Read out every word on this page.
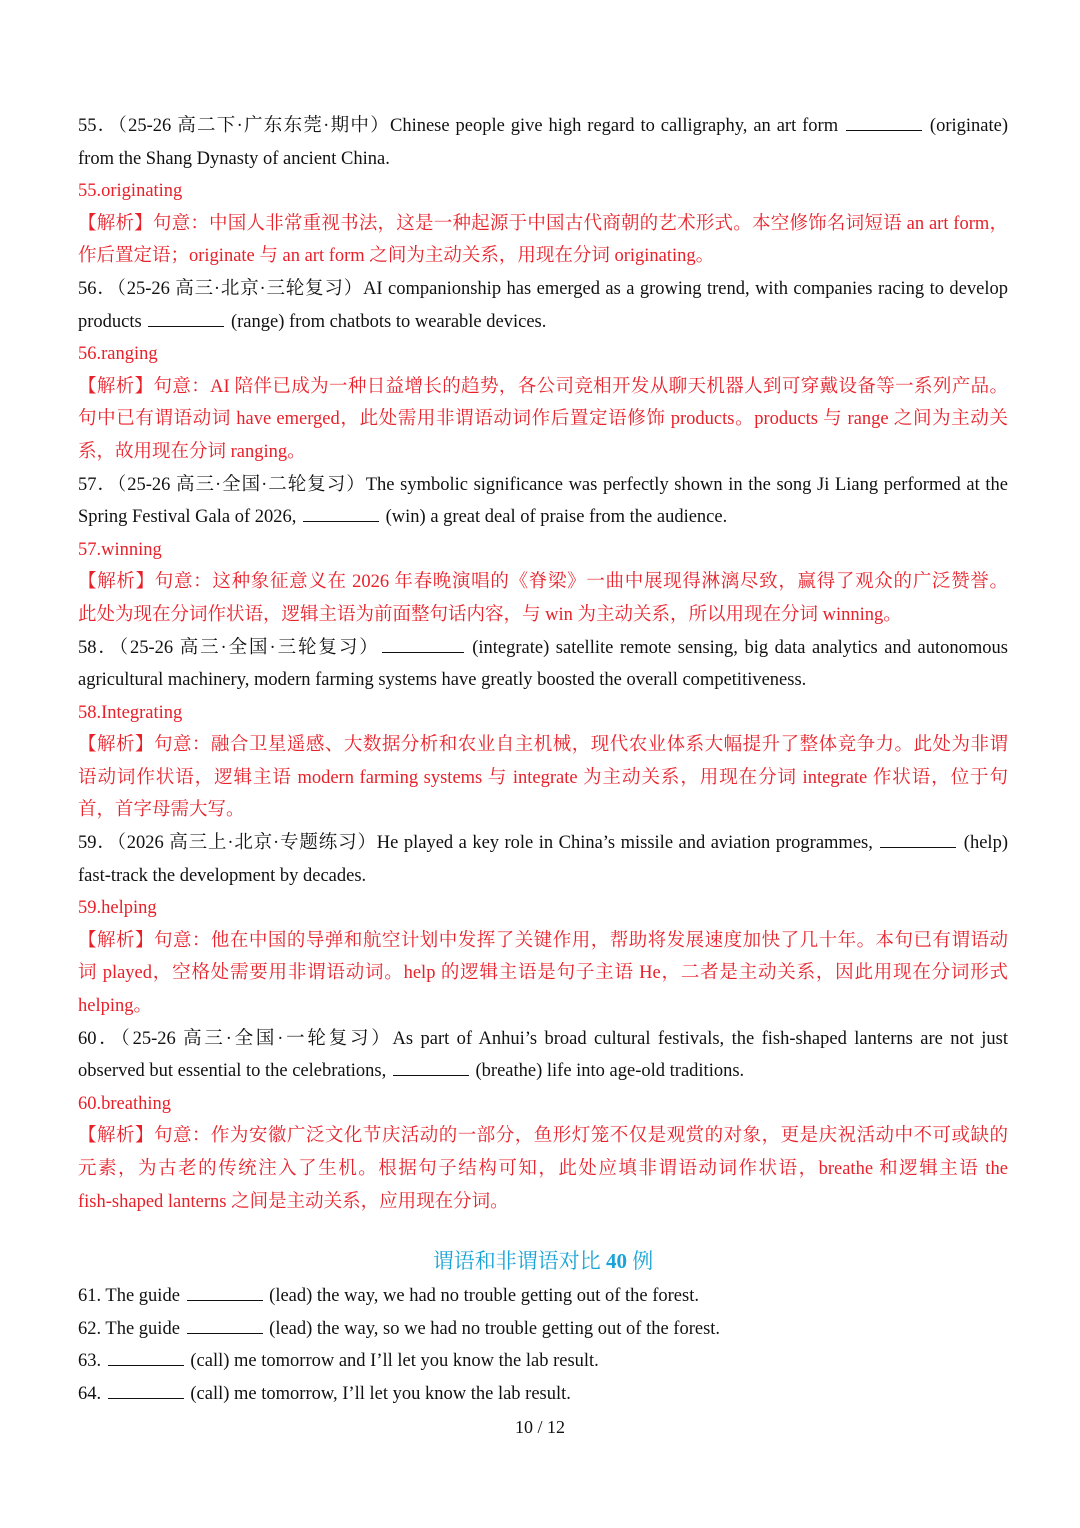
55．（25-26 高二下·广东东莞·期中）Chinese people give high regard to calligraphy, an art form	(originate)
from the Shang Dynasty of ancient China.
55.originating
【解析】句意：中国人非常重视书法，这是一种起源于中国古代商朝的艺术形式。本空修饰名词短语 an art form，
作后置定语；originate 与 an art form 之间为主动关系，用现在分词 originating。
56．（25-26 高三·北京·三轮复习）AI companionship has emerged as a growing trend, with companies racing to develop
products	(range) from chatbots to wearable devices.
56.ranging
【解析】句意：AI 陪伴已成为一种日益增长的趋势，各公司竞相开发从聊天机器人到可穿戴设备等一系列产品。
句中已有谓语动词 have emerged，此处需用非谓语动词作后置定语修饰 products。products 与 range 之间为主动关
系，故用现在分词 ranging。
57．（25-26 高三·全国·二轮复习）The symbolic significance was perfectly shown in the song Ji Liang performed at the
Spring Festival Gala of 2026,	(win) a great deal of praise from the audience.
57.winning
【解析】句意：这种象征意义在 2026 年春晚演唱的《脊梁》一曲中展现得淋漓尽致，赢得了观众的广泛赞誉。
此处为现在分词作状语，逻辑主语为前面整句话内容，与 win 为主动关系，所以用现在分词 winning。
58．（25-26 高三·全国·三轮复习）	(integrate) satellite remote sensing, big data analytics and autonomous
agricultural machinery, modern farming systems have greatly boosted the overall competitiveness.
58.Integrating
【解析】句意：融合卫星遥感、大数据分析和农业自主机械，现代农业体系大幅提升了整体竞争力。此处为非谓
语动词作状语，逻辑主语 modern farming systems 与 integrate 为主动关系，用现在分词 integrate 作状语，位于句
首，首字母需大写。
59．（2026 高三上·北京·专题练习）He played a key role in China’s missile and aviation programmes,	(help)
fast-track the development by decades.
59.helping
【解析】句意：他在中国的导弹和航空计划中发挥了关键作用，帮助将发展速度加快了几十年。本句已有谓语动
词 played，空格处需要用非谓语动词。help 的逻辑主语是句子主语 He，二者是主动关系，因此用现在分词形式
helping。
60．（25-26 高三·全国·一轮复习）As part of Anhui’s broad cultural festivals, the fish-shaped lanterns are not just
observed but essential to the celebrations,	(breathe) life into age-old traditions.
60.breathing
【解析】句意：作为安徽广泛文化节庆活动的一部分，鱼形灯笼不仅是观赏的对象，更是庆祝活动中不可或缺的
元素，为古老的传统注入了生机。根据句子结构可知，此处应填非谓语动词作状语，breathe 和逻辑主语 the
fish-shaped lanterns 之间是主动关系，应用现在分词。
谓语和非谓语对比 40 例
61. The guide	(lead) the way, we had no trouble getting out of the forest.
62. The guide	(lead) the way, so we had no trouble getting out of the forest.
63.	(call) me tomorrow and I’ll let you know the lab result.
64.	(call) me tomorrow, I’ll let you know the lab result.
10 / 12
